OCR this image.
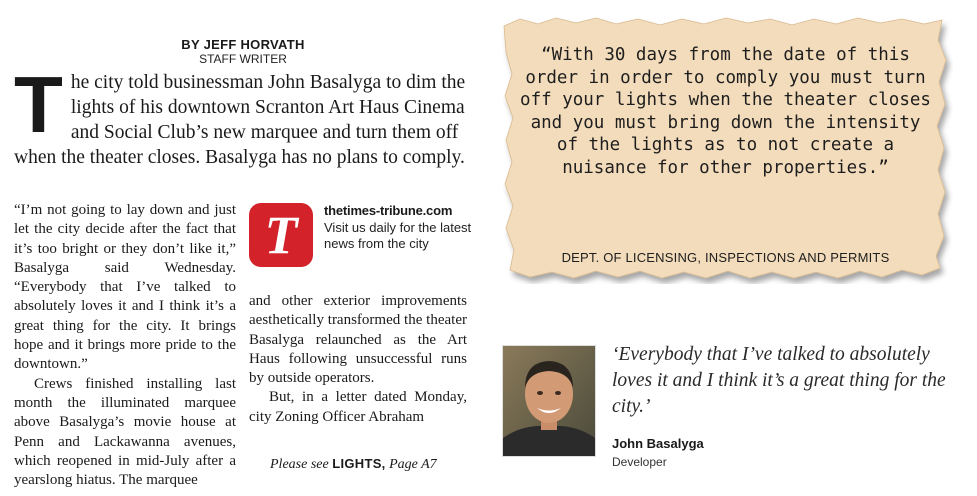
BY JEFF HORVATH
STAFF WRITER
T he city told businessman John Basalyga to dim the lights of his downtown Scranton Art Haus Cinema and Social Club’s new marquee and turn them off when the theater closes. Basalyga has no plans to comply.

“I’m not going to lay down and just let the city decide after the fact that it’s too bright or they don’t like it,” Basalyga said Wednesday. “Everybody that I’ve talked to absolutely loves it and I think it’s a great thing for the city. It brings hope and it brings more pride to the downtown.”

Crews finished installing last month the illuminated marquee above Basalyga’s movie house at Penn and Lackawanna avenues, which reopened in mid-July after a yearslong hiatus. The marquee

T	thetimes-tribune.com
Visit us daily for the latest news from the city

and other exterior improvements aesthetically transformed the theater Basalyga relaunched as the Art Haus following unsuccessful runs by outside operators.

But, in a letter dated Monday, city Zoning Officer Abraham

Please see LIGHTS, Page A7
“With 30 days from the date of this order in order to comply you must turn off your lights when the theater closes and you must bring down the intensity of the lights as to not create a nuisance for other properties.”
DEPT. OF LICENSING, INSPECTIONS AND PERMITS
‘Everybody that I’ve talked to absolutely loves it and I think it’s a great thing for the city.’
John Basalyga
Developer
